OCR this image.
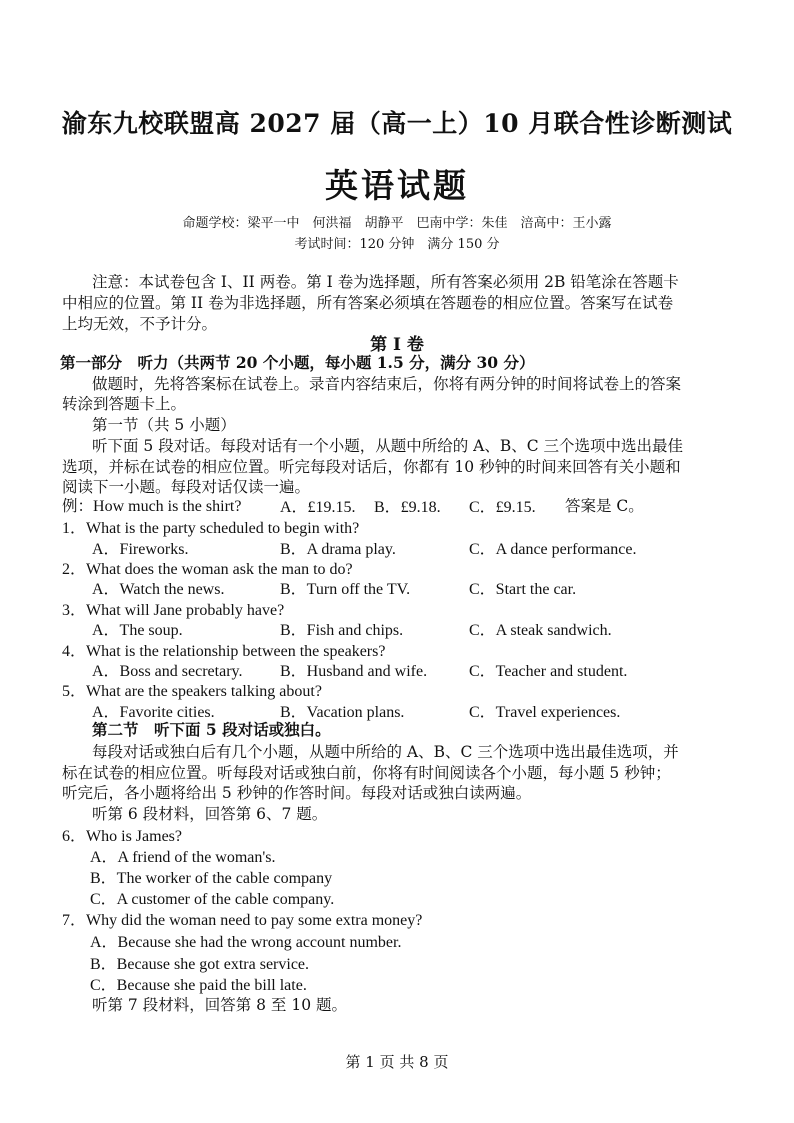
渝东九校联盟高 2027 届（高一上）10 月联合性诊断测试
英语试题
命题学校：梁平一中　何洪福　胡静平　巴南中学：朱佳　涪高中：王小露
考试时间：120 分钟　满分 150 分
注意：本试卷包含 I、II 两卷。第 I 卷为选择题，所有答案必须用 2B 铅笔涂在答题卡
中相应的位置。第 II 卷为非选择题，所有答案必须填在答题卷的相应位置。答案写在试卷
上均无效，不予计分。
第 I 卷
第一部分　听力（共两节 20 个小题，每小题 1.5 分，满分 30 分）
做题时，先将答案标在试卷上。录音内容结束后，你将有两分钟的时间将试卷上的答案
转涂到答题卡上。
第一节（共 5 小题）
听下面 5 段对话。每段对话有一个小题，从题中所给的 A、B、C 三个选项中选出最佳
选项，并标在试卷的相应位置。听完每段对话后，你都有 10 秒钟的时间来回答有关小题和
阅读下一小题。每段对话仅读一遍。
例：How much is the shirt? A．£19.15. B．£9.18. C．£9.15. 答案是 C。
1．What is the party scheduled to begin with?
A．Fireworks.	B．A drama play.	C．A dance performance.
2．What does the woman ask the man to do?
A．Watch the news.	B．Turn off the TV.	C．Start the car.
3．What will Jane probably have?
A．The soup.	B．Fish and chips.	C．A steak sandwich.
4．What is the relationship between the speakers?
A．Boss and secretary. B．Husband and wife.	C．Teacher and student.
5．What are the speakers talking about?
A．Favorite cities.	B．Vacation plans.	C．Travel experiences.
第二节　听下面 5 段对话或独白。
每段对话或独白后有几个小题，从题中所给的 A、B、C 三个选项中选出最佳选项，并
标在试卷的相应位置。听每段对话或独白前，你将有时间阅读各个小题，每小题 5 秒钟；
听完后，各小题将给出 5 秒钟的作答时间。每段对话或独白读两遍。
听第 6 段材料，回答第 6、7 题。
6．Who is James?
A．A friend of the woman's.
B．The worker of the cable company
C．A customer of the cable company.
7．Why did the woman need to pay some extra money?
A．Because she had the wrong account number.
B．Because she got extra service.
C．Because she paid the bill late.
听第 7 段材料，回答第 8 至 10 题。
第 1 页 共 8 页
